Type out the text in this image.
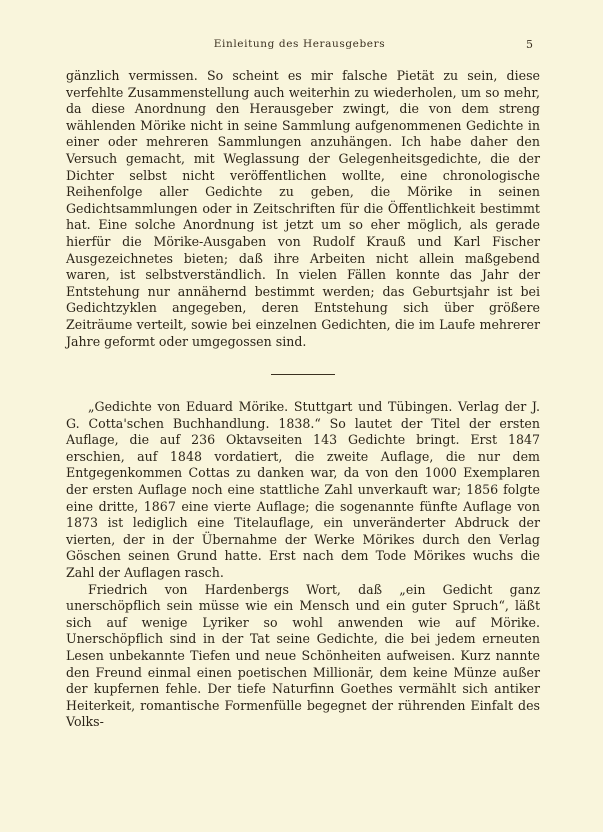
Einleitung des Herausgebers	5

gänzlich vermissen. So scheint es mir falsche Pietät zu sein, diese verfehlte Zusammenstellung auch weiterhin zu wiederholen, um so mehr, da diese Anordnung den Herausgeber zwingt, die von dem streng wählenden Mörike nicht in seine Sammlung aufgenommenen Gedichte in einer oder mehreren Sammlungen anzuhängen. Ich habe daher den Versuch gemacht, mit Weglassung der Gelegenheitsgedichte, die der Dichter selbst nicht veröffentlichen wollte, eine chronologische Reihenfolge aller Gedichte zu geben, die Mörike in seinen Gedichtsammlungen oder in Zeitschriften für die Öffentlichkeit bestimmt hat. Eine solche Anordnung ist jetzt um so eher möglich, als gerade hierfür die Mörike-Ausgaben von Rudolf Krauß und Karl Fischer Ausgezeichnetes bieten; daß ihre Arbeiten nicht allein maßgebend waren, ist selbstverständlich. In vielen Fällen konnte das Jahr der Entstehung nur annähernd bestimmt werden; das Geburtsjahr ist bei Gedichtzyklen angegeben, deren Entstehung sich über größere Zeiträume verteilt, sowie bei einzelnen Gedichten, die im Laufe mehrerer Jahre geformt oder umgegossen sind.

„Gedichte von Eduard Mörike. Stuttgart und Tübingen. Verlag der J. G. Cotta'schen Buchhandlung. 1838.“ So lautet der Titel der ersten Auflage, die auf 236 Oktavseiten 143 Gedichte bringt. Erst 1847 erschien, auf 1848 vordatiert, die zweite Auflage, die nur dem Entgegenkommen Cottas zu danken war, da von den 1000 Exemplaren der ersten Auflage noch eine stattliche Zahl unverkauft war; 1856 folgte eine dritte, 1867 eine vierte Auflage; die sogenannte fünfte Auflage von 1873 ist lediglich eine Titelauflage, ein unveränderter Abdruck der vierten, der in der Übernahme der Werke Mörikes durch den Verlag Göschen seinen Grund hatte. Erst nach dem Tode Mörikes wuchs die Zahl der Auflagen rasch.

Friedrich von Hardenbergs Wort, daß „ein Gedicht ganz unerschöpflich sein müsse wie ein Mensch und ein guter Spruch“, läßt sich auf wenige Lyriker so wohl anwenden wie auf Mörike. Unerschöpflich sind in der Tat seine Gedichte, die bei jedem erneuten Lesen unbekannte Tiefen und neue Schönheiten aufweisen. Kurz nannte den Freund einmal einen poetischen Millionär, dem keine Münze außer der kupfernen fehle. Der tiefe Naturfinn Goethes vermählt sich antiker Heiterkeit, romantische Formenfülle begegnet der rührenden Einfalt des Volks-
